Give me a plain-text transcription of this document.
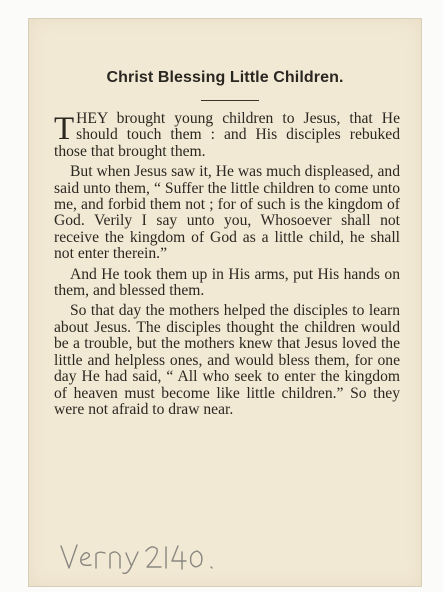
Christ Blessing Little Children.

THEY brought young children to Jesus, that He should touch them : and His disciples rebuked those that brought them.

But when Jesus saw it, He was much displeased, and said unto them, “ Suffer the little children to come unto me, and forbid them not ; for of such is the kingdom of God. Verily I say unto you, Whosoever shall not receive the kingdom of God as a little child, he shall not enter therein.”

And He took them up in His arms, put His hands on them, and blessed them.

So that day the mothers helped the disciples to learn about Jesus. The disciples thought the children would be a trouble, but the mothers knew that Jesus loved the little and helpless ones, and would bless them, for one day He had said, “ All who seek to enter the kingdom of heaven must become like little children.” So they were not afraid to draw near.
